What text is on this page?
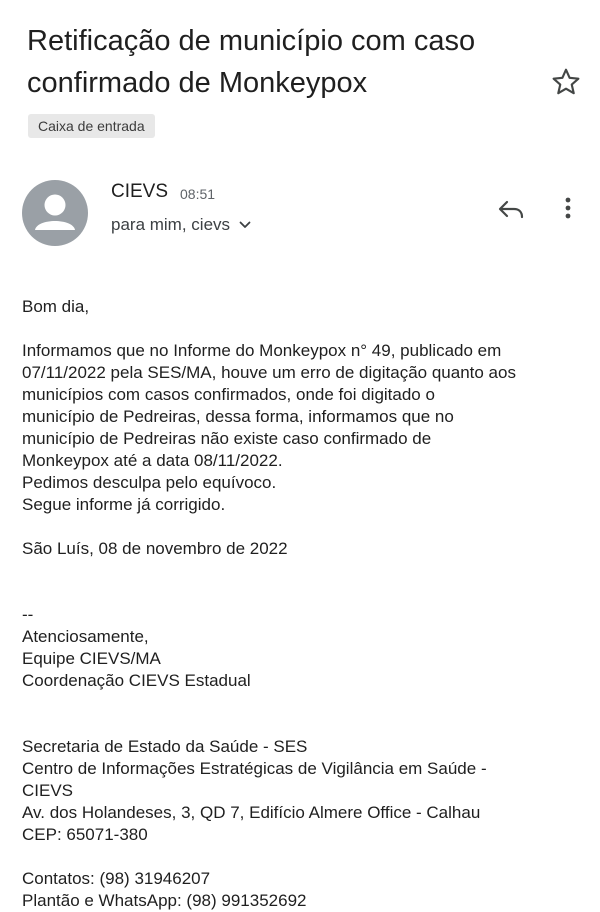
Retificação de município com caso confirmado de Monkeypox
Caixa de entrada
CIEVS 08:51
para mim, cievs

Bom dia,

Informamos que no Informe do Monkeypox n° 49, publicado em

07/11/2022 pela SES/MA, houve um erro de digitação quanto aos

municípios com casos confirmados, onde foi digitado o

município de Pedreiras, dessa forma, informamos que no

município de Pedreiras não existe caso confirmado de

Monkeypox até a data 08/11/2022.

Pedimos desculpa pelo equívoco.

Segue informe já corrigido.

São Luís, 08 de novembro de 2022

--

Atenciosamente,

Equipe CIEVS/MA

Coordenação CIEVS Estadual

Secretaria de Estado da Saúde - SES

Centro de Informações Estratégicas de Vigilância em Saúde -

CIEVS

Av. dos Holandeses, 3, QD 7, Edifício Almere Office - Calhau

CEP: 65071-380

Contatos: (98) 31946207

Plantão e WhatsApp: (98) 991352692
